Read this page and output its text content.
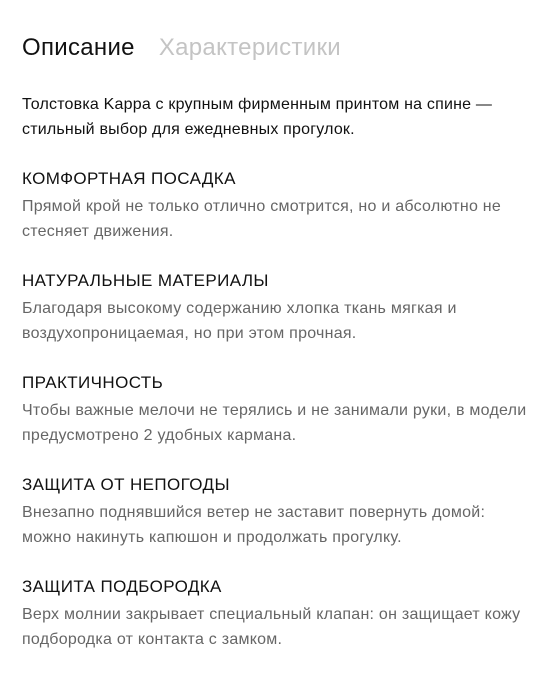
Описание Характеристики
Толстовка Kappa с крупным фирменным принтом на спине — стильный выбор для ежедневных прогулок.
КОМФОРТНАЯ ПОСАДКА
Прямой крой не только отлично смотрится, но и абсолютно не стесняет движения.
НАТУРАЛЬНЫЕ МАТЕРИАЛЫ
Благодаря высокому содержанию хлопка ткань мягкая и воздухопроницаемая, но при этом прочная.
ПРАКТИЧНОСТЬ
Чтобы важные мелочи не терялись и не занимали руки, в модели предусмотрено 2 удобных кармана.
ЗАЩИТА ОТ НЕПОГОДЫ
Внезапно поднявшийся ветер не заставит повернуть домой: можно накинуть капюшон и продолжать прогулку.
ЗАЩИТА ПОДБОРОДКА
Верх молнии закрывает специальный клапан: он защищает кожу подбородка от контакта с замком.
